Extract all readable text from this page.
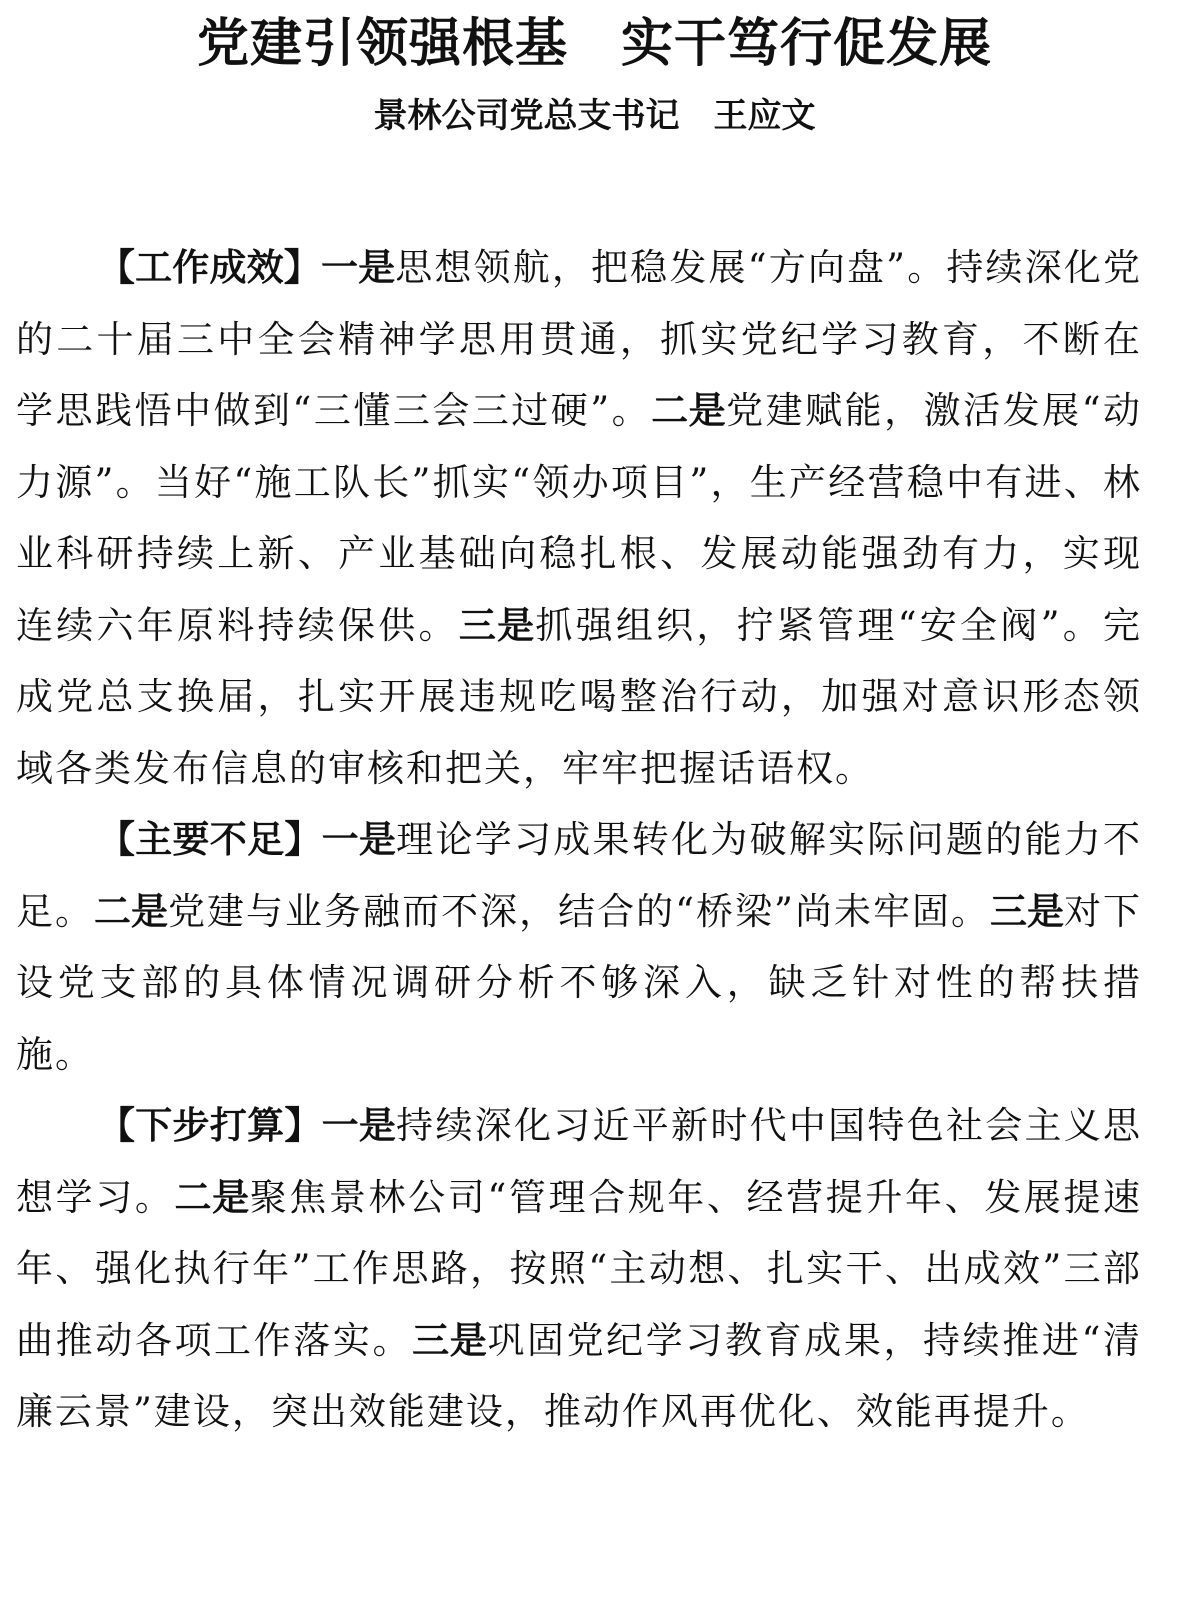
党建引领强根基　实干笃行促发展
景林公司党总支书记　王应文

【工作成效】一是思想领航，把稳发展“方向盘”。持续深化党的二十届三中全会精神学思用贯通，抓实党纪学习教育，不断在学思践悟中做到“三懂三会三过硬”。二是党建赋能，激活发展“动力源”。当好“施工队长”抓实“领办项目”，生产经营稳中有进、林业科研持续上新、产业基础向稳扎根、发展动能强劲有力，实现连续六年原料持续保供。三是抓强组织，拧紧管理“安全阀”。完成党总支换届，扎实开展违规吃喝整治行动，加强对意识形态领域各类发布信息的审核和把关，牢牢把握话语权。

【主要不足】一是理论学习成果转化为破解实际问题的能力不足。二是党建与业务融而不深，结合的“桥梁”尚未牢固。三是对下设党支部的具体情况调研分析不够深入，缺乏针对性的帮扶措施。

【下步打算】一是持续深化习近平新时代中国特色社会主义思想学习。二是聚焦景林公司“管理合规年、经营提升年、发展提速年、强化执行年”工作思路，按照“主动想、扎实干、出成效”三部曲推动各项工作落实。三是巩固党纪学习教育成果，持续推进“清廉云景”建设，突出效能建设，推动作风再优化、效能再提升。
